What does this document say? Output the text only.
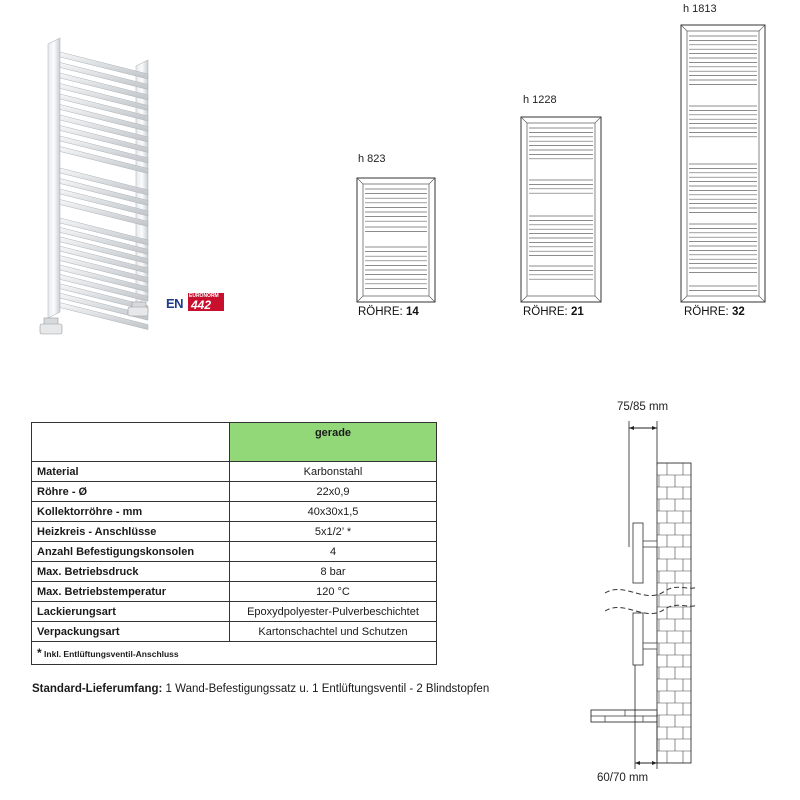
EN EURONORM
442
h 823
RÖHRE: 14
h 1228
RÖHRE: 21
h 1813
RÖHRE: 32
	gerade
Material	Karbonstahl
Röhre - Ø	22x0,9
Kollektorröhre - mm	40x30x1,5
Heizkreis - Anschlüsse	5x1/2’ *
Anzahl Befestigungskonsolen	4
Max. Betriebsdruck	8 bar
Max. Betriebstemperatur	120 °C
Lackierungsart	Epoxydpolyester-Pulverbeschichtet
Verpackungsart	Kartonschachtel und Schutzen
* Inkl. Entlüftungsventil-Anschluss	
Standard-Lieferumfang: 1 Wand-Befestigungssatz u. 1 Entlüftungsventil - 2 Blindstopfen
75/85 mm
60/70 mm
